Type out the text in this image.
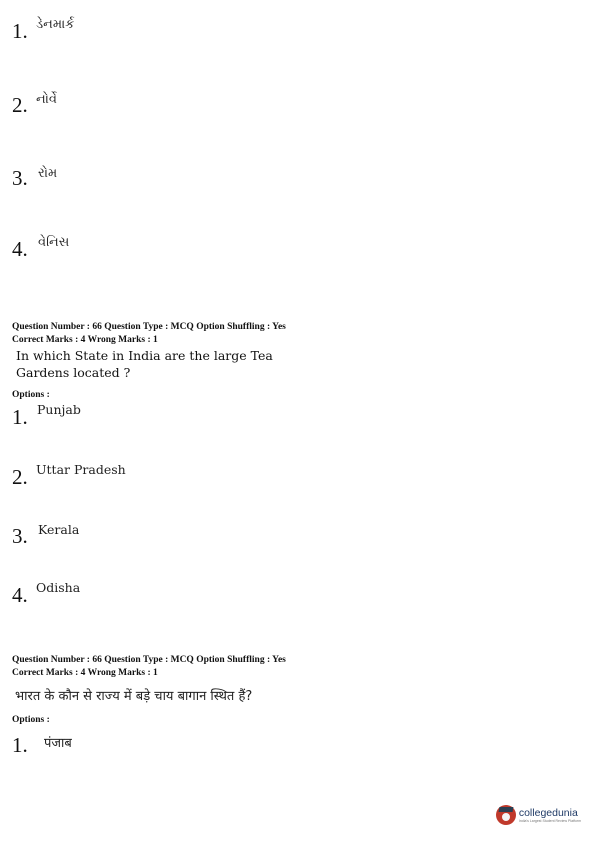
1. ડેનમાર્ક
2. નોર્વે
3. રોમ
4. વેનિસ
Question Number : 66 Question Type : MCQ Option Shuffling : Yes
Correct Marks : 4 Wrong Marks : 1
In which State in India are the large Tea
Gardens located ?
Options :
1. Punjab
2. Uttar Pradesh
3. Kerala
4. Odisha
Question Number : 66 Question Type : MCQ Option Shuffling : Yes
Correct Marks : 4 Wrong Marks : 1
भारत के कौन से राज्य में बड़े चाय बागान स्थित हैं?
Options :
1. पंजाब
collegedunia
India's Largest Student Review Platform
